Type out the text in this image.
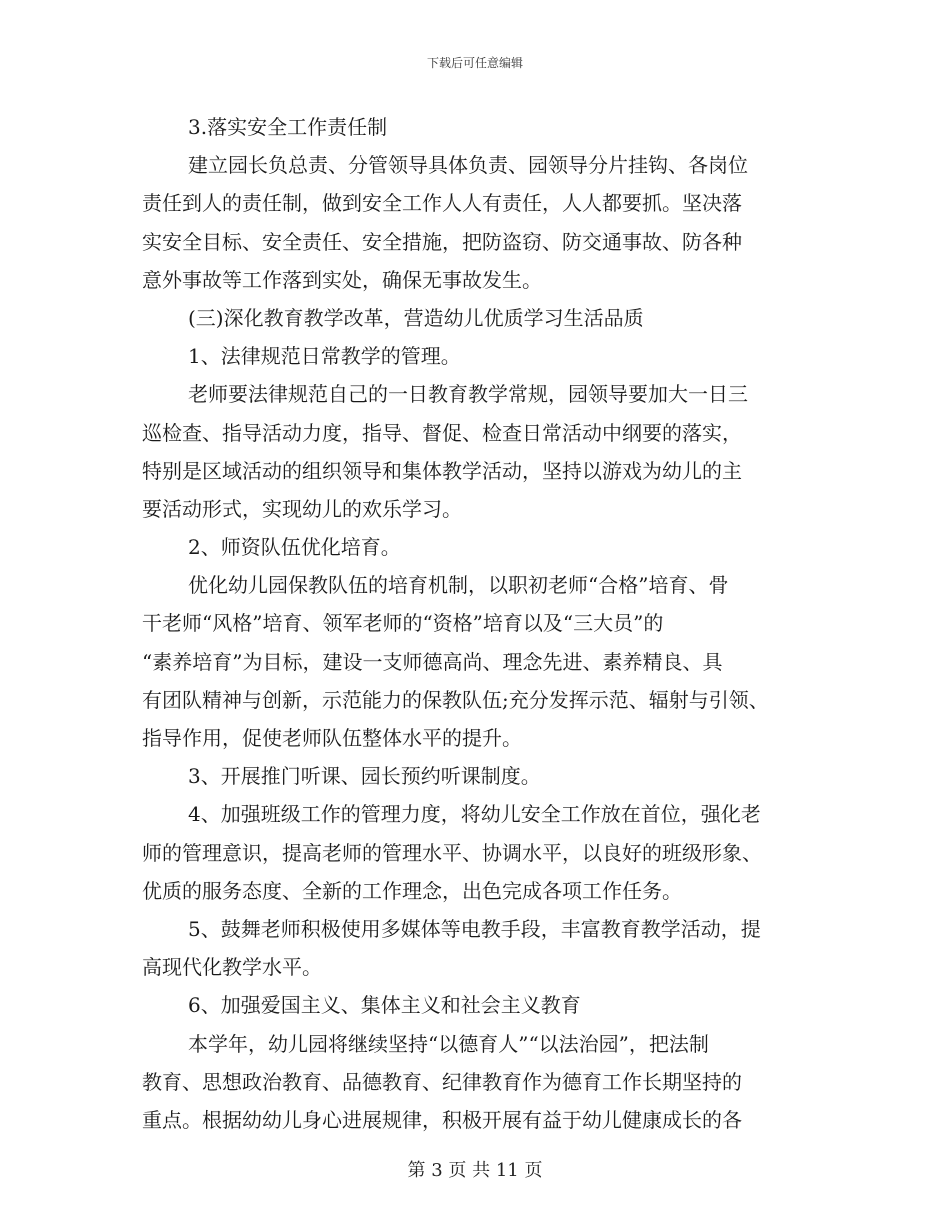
下载后可任意编辑
3.落实安全工作责任制
建立园长负总责、分管领导具体负责、园领导分片挂钩、各岗位
责任到人的责任制，做到安全工作人人有责任，人人都要抓。坚决落
实安全目标、安全责任、安全措施，把防盗窃、防交通事故、防各种
意外事故等工作落到实处，确保无事故发生。
(三)深化教育教学改革，营造幼儿优质学习生活品质
1、法律规范日常教学的管理。
老师要法律规范自己的一日教育教学常规，园领导要加大一日三
巡检查、指导活动力度，指导、督促、检查日常活动中纲要的落实，
特别是区域活动的组织领导和集体教学活动，坚持以游戏为幼儿的主
要活动形式，实现幼儿的欢乐学习。
2、师资队伍优化培育。
优化幼儿园保教队伍的培育机制，以职初老师“合格”培育、骨
干老师“风格”培育、领军老师的“资格”培育以及“三大员”的
“素养培育”为目标，建设一支师德高尚、理念先进、素养精良、具
有团队精神与创新，示范能力的保教队伍;充分发挥示范、辐射与引领、
指导作用，促使老师队伍整体水平的提升。
3、开展推门听课、园长预约听课制度。
4、加强班级工作的管理力度，将幼儿安全工作放在首位，强化老
师的管理意识，提高老师的管理水平、协调水平，以良好的班级形象、
优质的服务态度、全新的工作理念，出色完成各项工作任务。
5、鼓舞老师积极使用多媒体等电教手段，丰富教育教学活动，提
高现代化教学水平。
6、加强爱国主义、集体主义和社会主义教育
本学年，幼儿园将继续坚持“以德育人”“以法治园”，把法制
教育、思想政治教育、品德教育、纪律教育作为德育工作长期坚持的
重点。根据幼幼儿身心进展规律，积极开展有益于幼儿健康成长的各
第 3 页 共 11 页
